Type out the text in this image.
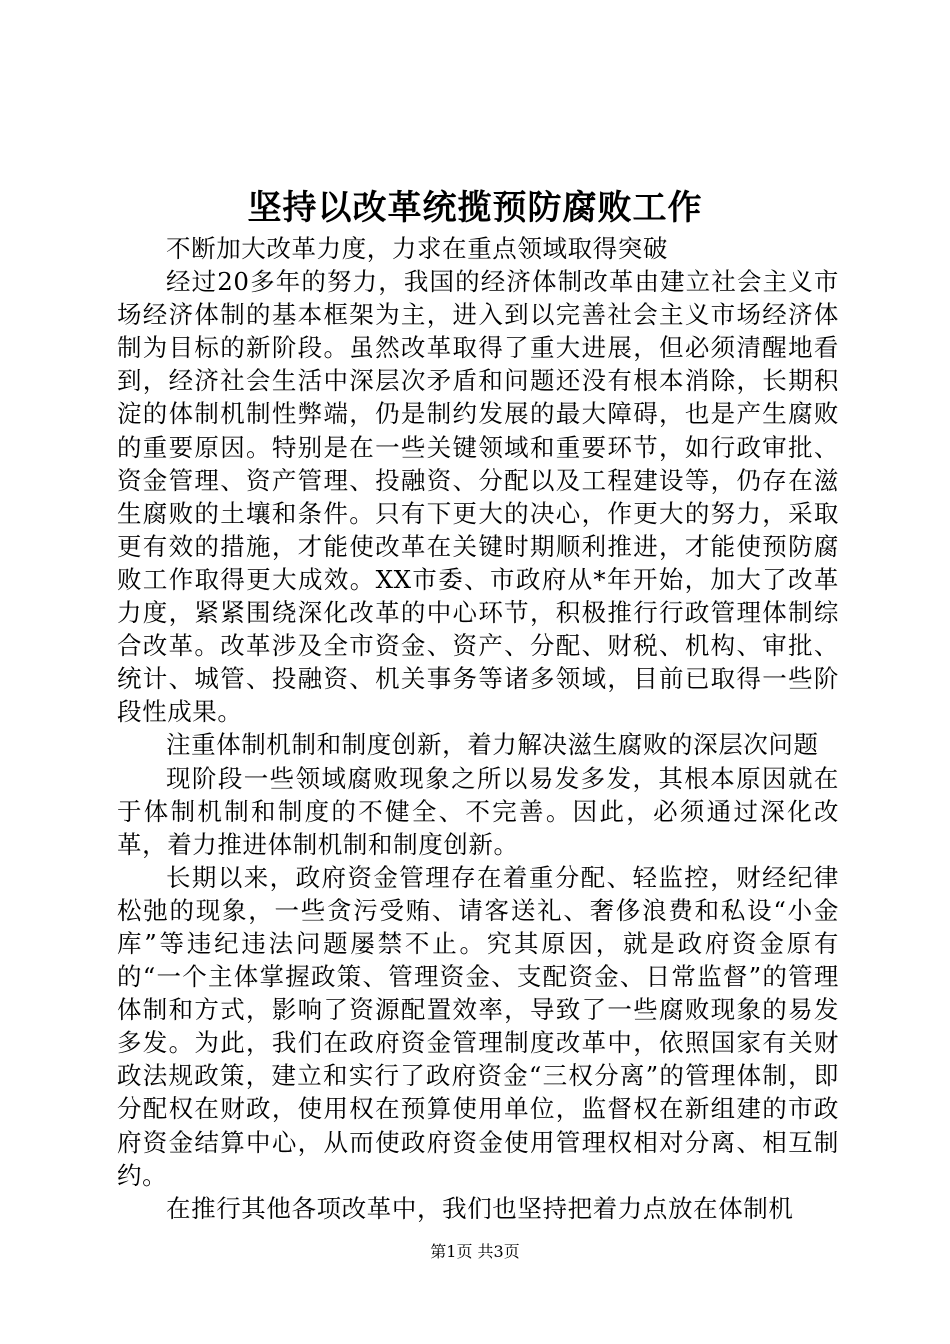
坚持以改革统揽预防腐败工作

不断加大改革力度，力求在重点领域取得突破

经过20多年的努力，我国的经济体制改革由建立社会主义市场经济体制的基本框架为主，进入到以完善社会主义市场经济体制为目标的新阶段。虽然改革取得了重大进展，但必须清醒地看到，经济社会生活中深层次矛盾和问题还没有根本消除，长期积淀的体制机制性弊端，仍是制约发展的最大障碍，也是产生腐败的重要原因。特别是在一些关键领域和重要环节，如行政审批、资金管理、资产管理、投融资、分配以及工程建设等，仍存在滋生腐败的土壤和条件。只有下更大的决心，作更大的努力，采取更有效的措施，才能使改革在关键时期顺利推进，才能使预防腐败工作取得更大成效。XX市委、市政府从*年开始，加大了改革力度，紧紧围绕深化改革的中心环节，积极推行行政管理体制综合改革。改革涉及全市资金、资产、分配、财税、机构、审批、统计、城管、投融资、机关事务等诸多领域，目前已取得一些阶段性成果。

注重体制机制和制度创新，着力解决滋生腐败的深层次问题

现阶段一些领域腐败现象之所以易发多发，其根本原因就在于体制机制和制度的不健全、不完善。因此，必须通过深化改革，着力推进体制机制和制度创新。

长期以来，政府资金管理存在着重分配、轻监控，财经纪律松弛的现象，一些贪污受贿、请客送礼、奢侈浪费和私设“小金库”等违纪违法问题屡禁不止。究其原因，就是政府资金原有的“一个主体掌握政策、管理资金、支配资金、日常监督”的管理体制和方式，影响了资源配置效率，导致了一些腐败现象的易发多发。为此，我们在政府资金管理制度改革中，依照国家有关财政法规政策，建立和实行了政府资金“三权分离”的管理体制，即分配权在财政，使用权在预算使用单位，监督权在新组建的市政府资金结算中心，从而使政府资金使用管理权相对分离、相互制约。

在推行其他各项改革中，我们也坚持把着力点放在体制机

第1页 共3页
